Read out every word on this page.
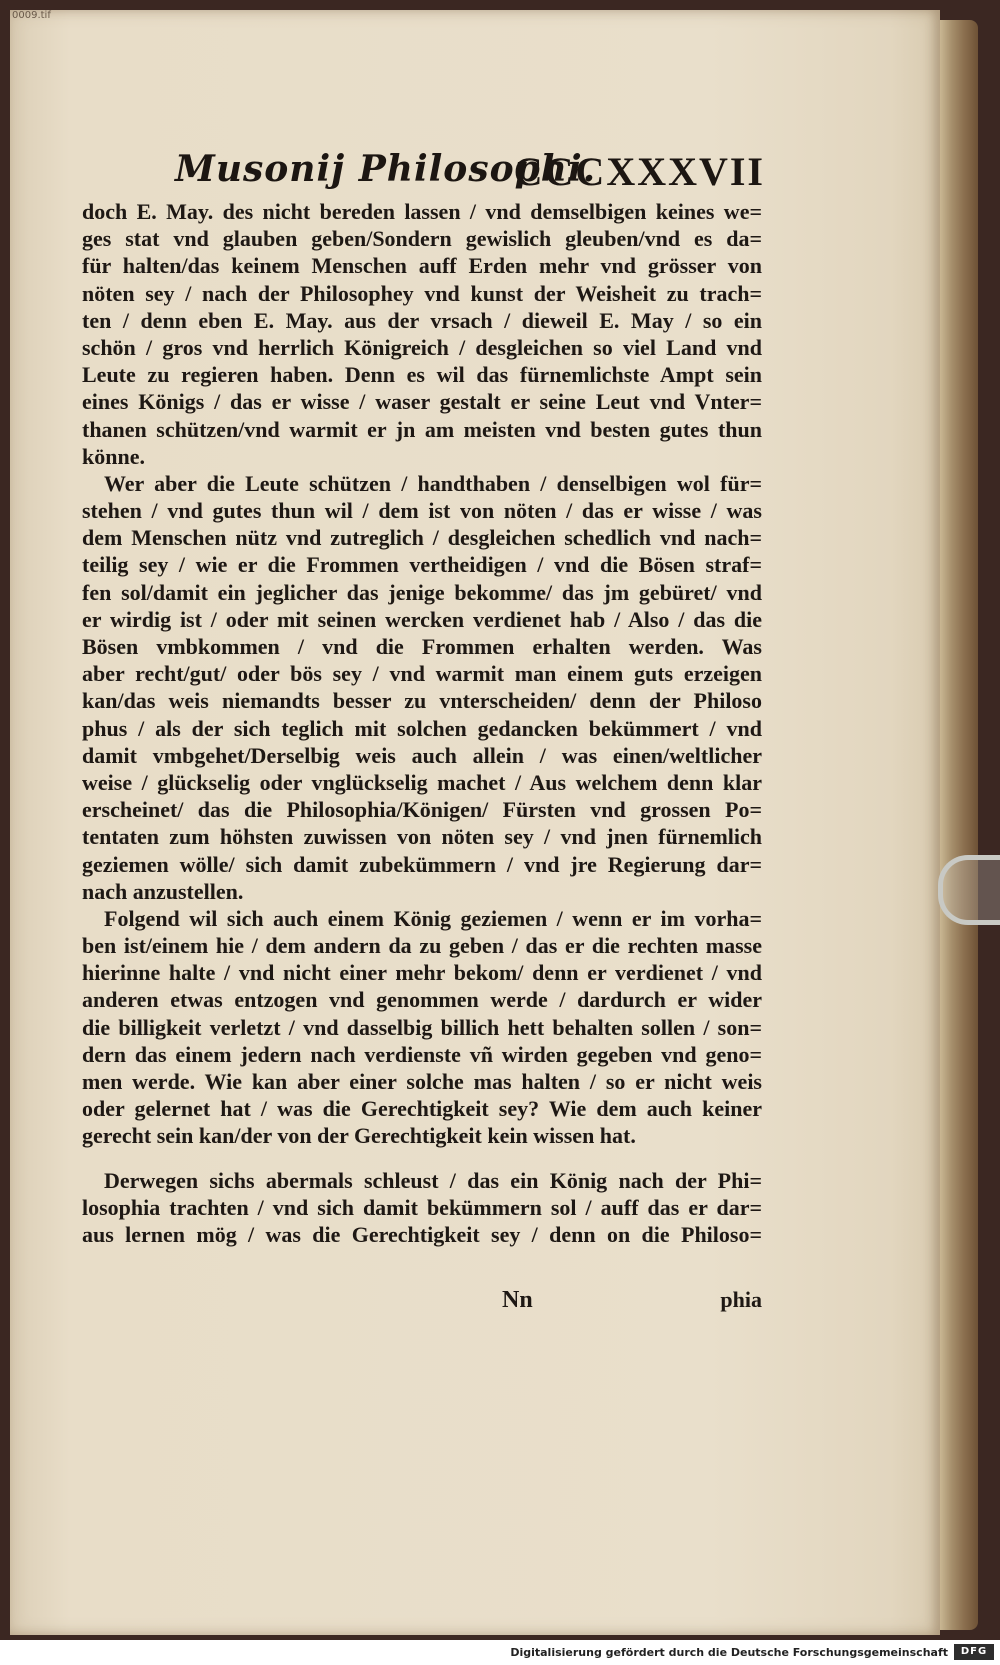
0009.tif
Musonij Philosophi.
CCCXXXVII
doch E. May. des nicht bereden lassen / vnd demselbigen keines we=
ges stat vnd glauben geben/Sondern gewislich gleuben/vnd es da=
für halten/das keinem Menschen auff Erden mehr vnd grösser von
nöten sey / nach der Philosophey vnd kunst der Weisheit zu trach=
ten / denn eben E. May. aus der vrsach / dieweil E. May / so ein
schön / gros vnd herrlich Königreich / desgleichen so viel Land vnd
Leute zu regieren haben. Denn es wil das fürnemlichste Ampt sein
eines Königs / das er wisse / waser gestalt er seine Leut vnd Vnter=
thanen schützen/vnd warmit er jn am meisten vnd besten gutes thun
könne.
Wer aber die Leute schützen / handthaben / denselbigen wol für=
stehen / vnd gutes thun wil / dem ist von nöten / das er wisse / was
dem Menschen nütz vnd zutreglich / desgleichen schedlich vnd nach=
teilig sey / wie er die Frommen vertheidigen / vnd die Bösen straf=
fen sol/damit ein jeglicher das jenige bekomme/ das jm gebüret/ vnd
er wirdig ist / oder mit seinen wercken verdienet hab / Also / das die
Bösen vmbkommen / vnd die Frommen erhalten werden. Was
aber recht/gut/ oder bös sey / vnd warmit man einem guts erzeigen
kan/das weis niemandts besser zu vnterscheiden/ denn der Philoso
phus / als der sich teglich mit solchen gedancken bekümmert / vnd
damit vmbgehet/Derselbig weis auch allein / was einen/weltlicher
weise / glückselig oder vnglückselig machet / Aus welchem denn klar
erscheinet/ das die Philosophia/Königen/ Fürsten vnd grossen Po=
tentaten zum höhsten zuwissen von nöten sey / vnd jnen fürnemlich
geziemen wölle/ sich damit zubekümmern / vnd jre Regierung dar=
nach anzustellen.
Folgend wil sich auch einem König geziemen / wenn er im vorha=
ben ist/einem hie / dem andern da zu geben / das er die rechten masse
hierinne halte / vnd nicht einer mehr bekom/ denn er verdienet / vnd
anderen etwas entzogen vnd genommen werde / dardurch er wider
die billigkeit verletzt / vnd dasselbig billich hett behalten sollen / son=
dern das einem jedern nach verdienste vñ wirden gegeben vnd geno=
men werde. Wie kan aber einer solche mas halten / so er nicht weis
oder gelernet hat / was die Gerechtigkeit sey? Wie dem auch keiner
gerecht sein kan/der von der Gerechtigkeit kein wissen hat.
Derwegen sichs abermals schleust / das ein König nach der Phi=
losophia trachten / vnd sich damit bekümmern sol / auff das er dar=
aus lernen mög / was die Gerechtigkeit sey / denn on die Philoso=
Nn	phia
Digitalisierung gefördert durch die Deutsche Forschungsgemeinschaft	DFG
